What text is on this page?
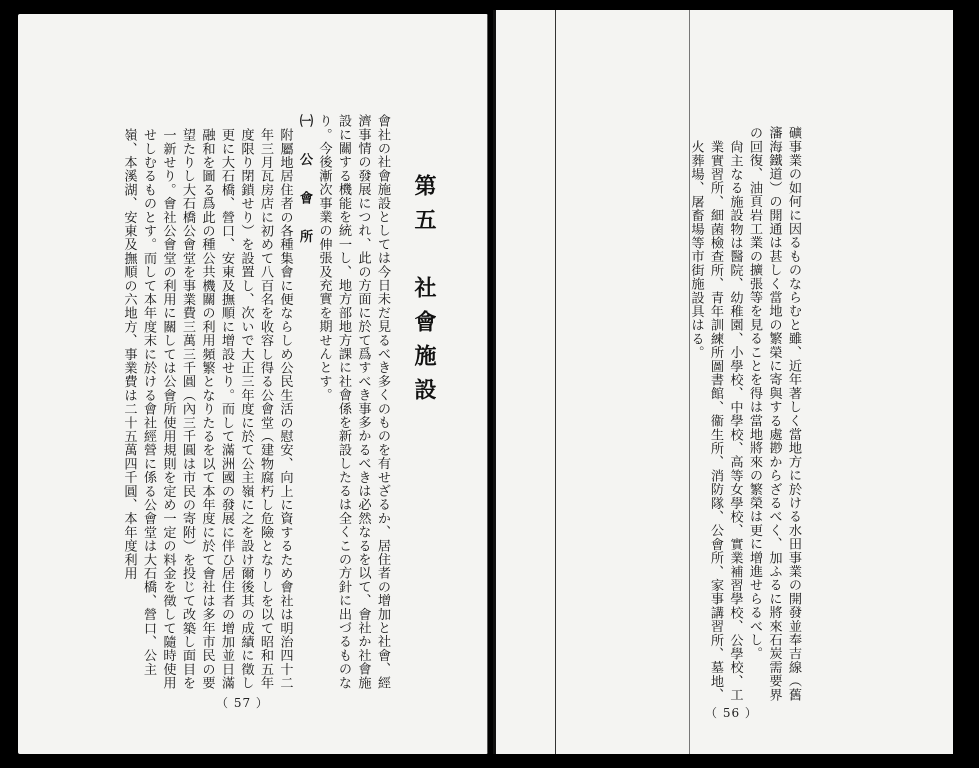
第五　社會施設

會社の社會施設としては今日未だ見るべき多くのものを有せざるか、居住者の增加と社會、經濟事情の發展につれ、此の方面に於て爲すべき事多かるべきは必然なるを以て、會社か社會施設に關する機能を統一し、地方部地方課に社會係を新設したるは全くこの方針に出づるものなり。今後漸次事業の伸張及充實を期せんとす。

㈠　公　會　所

附屬地居住者の各種集會に便ならしめ公民生活の慰安、向上に資するため會社は明治四十二年三月瓦房店に初めて八百名を收容し得る公會堂（建物腐朽し危險となりしを以て昭和五年度限り閉鎖せり）を設置し、次いで大正三年度に於て公主嶺に之を設け爾後其の成績に徵し更に大石橋、營口、安東及撫順に增設せり。而して滿洲國の發展に伴ひ居住者の增加並日滿融和を圖る爲此の種公共機關の利用頻繁となりたるを以て本年度に於て會社は多年市民の要望たりし大石橋公會堂を事業費三萬三千圓（內三千圓は市民の寄附）を投じて改築し面目を一新せり。會社公會堂の利用に關しては公會所使用規則を定め一定の料金を徵して隨時使用せしむるものとす。而して本年度末に於ける會社經營に係る公會堂は大石橋、營口、公主嶺、本溪湖、安東及撫順の六地方、事業費は二十五萬四千圓、本年度利用

（ 57 ）

礦事業の如何に因るものならむと雖、近年著しく當地方に於ける水田事業の開發並奉吉線（舊瀋海鐵道）の開通は甚しく當地の繁榮に寄與する處尠からざるべく、加ふるに將來石炭需要界の回復、油頁岩工業の擴張等を見ることを得は當地將來の繁榮は更に增進せらるべし。

尙主なる施設物は醫院、幼稚園、小學校、中學校、高等女學校、實業補習學校、公學校、工業實習所、細菌檢查所、青年訓練所圖書館、衞生所、消防隊、公會所、家事講習所、墓地、火葬場、屠畜場等市街施設具はる。

（ 56 ）
